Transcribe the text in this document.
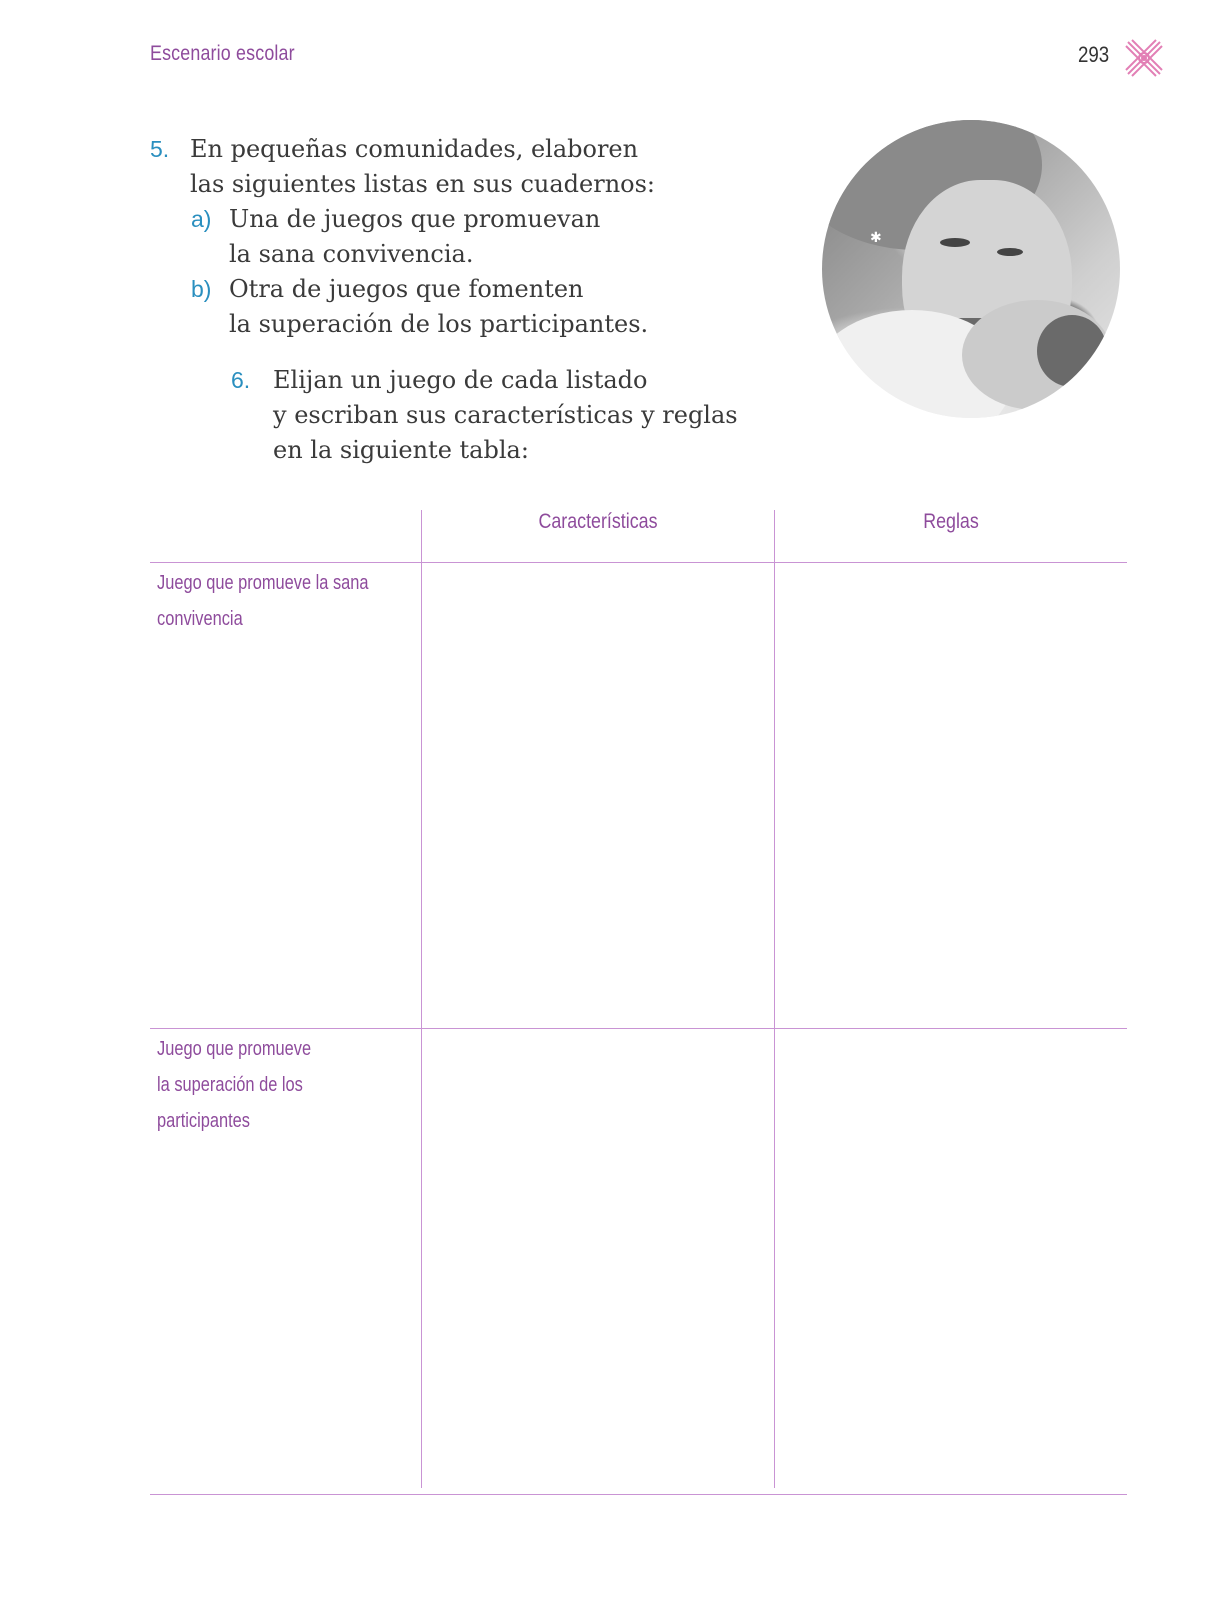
Escenario escolar	293
5. En pequeñas comunidades, elaboren
las siguientes listas en sus cuadernos:
a) Una de juegos que promuevan
la sana convivencia.
b) Otra de juegos que fomenten
la superación de los participantes.
6. Elijan un juego de cada listado
y escriban sus características y reglas
en la siguiente tabla:
✱
Características	Reglas
Juego que promueve la sana
convivencia
Juego que promueve
la superación de los
participantes
